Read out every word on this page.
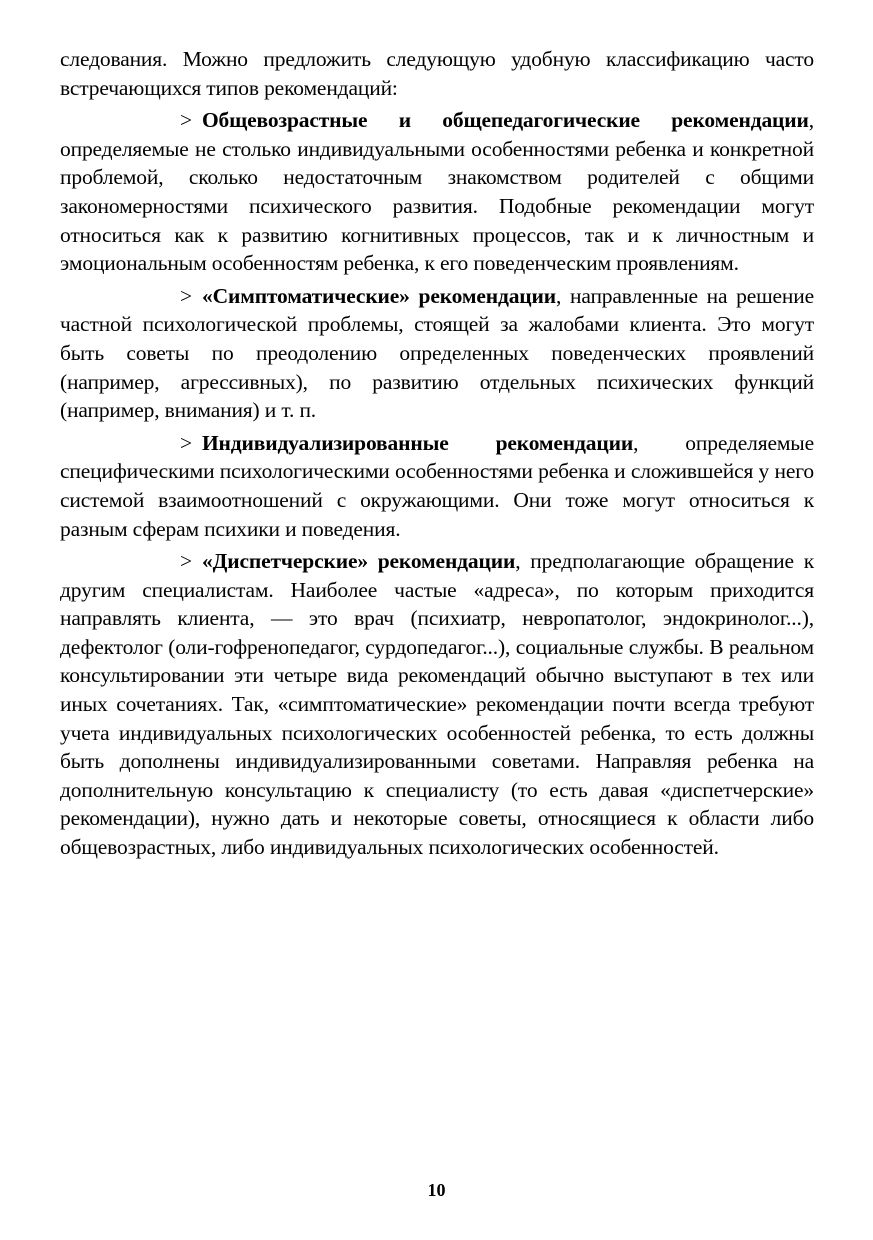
следования. Можно предложить следующую удобную классификацию часто встречающихся типов рекомендаций:

> Общевозрастные и общепедагогические рекомендации, определяемые не столько индивидуальными особенностями ребенка и конкретной проблемой, сколько недостаточным знакомством родителей с общими закономерностями психического развития. Подобные рекомендации могут относиться как к развитию когнитивных процессов, так и к личностным и эмоциональным особенностям ребенка, к его поведенческим проявлениям.

> «Симптоматические» рекомендации, направленные на решение частной психологической проблемы, стоящей за жалобами клиента. Это могут быть советы по преодолению определенных поведенческих проявлений (например, агрессивных), по развитию отдельных психических функций (например, внимания) и т. п.

> Индивидуализированные рекомендации, определяемые специфическими психологическими особенностями ребенка и сложившейся у него системой взаимоотношений с окружающими. Они тоже могут относиться к разным сферам психики и поведения.

> «Диспетчерские» рекомендации, предполагающие обращение к другим специалистам. Наиболее частые «адреса», по которым приходится направлять клиента, — это врач (психиатр, невропатолог, эндокринолог...), дефектолог (оли-гофренопедагог, сурдопедагог...), социальные службы. В реальном консультировании эти четыре вида рекомендаций обычно выступают в тех или иных сочетаниях. Так, «симптоматические» рекомендации почти всегда требуют учета индивидуальных психологических особенностей ребенка, то есть должны быть дополнены индивидуализированными советами. Направляя ребенка на дополнительную консультацию к специалисту (то есть давая «диспетчерские» рекомендации), нужно дать и некоторые советы, относящиеся к области либо общевозрастных, либо индивидуальных психологических особенностей.

10
